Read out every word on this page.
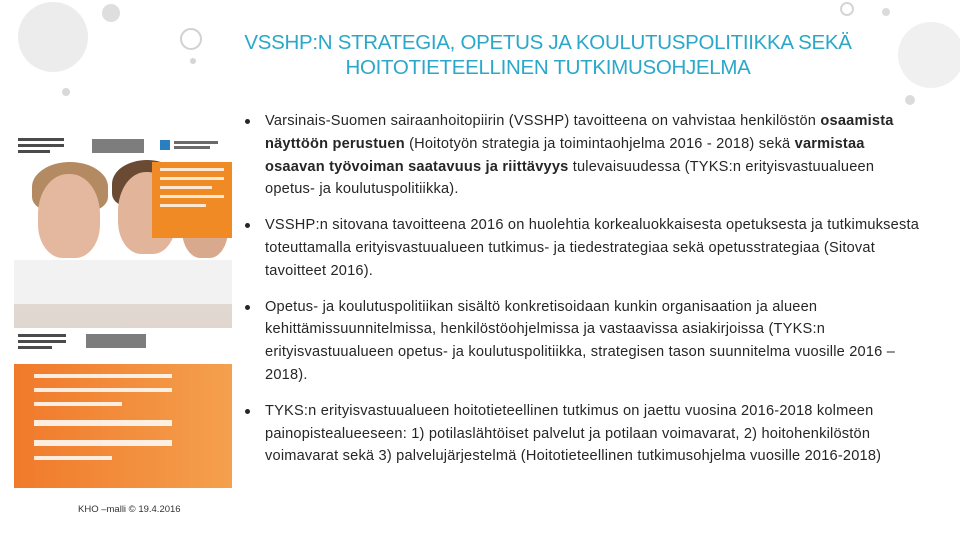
VSSHP:N STRATEGIA, OPETUS JA KOULUTUSPOLITIIKKA SEKÄ
HOITOTIETEELLINEN TUTKIMUSOHJELMA
Varsinais-Suomen sairaanhoitopiirin (VSSHP) tavoitteena on vahvistaa henkilöstön osaamista näyttöön perustuen (Hoitotyön strategia ja toimintaohjelma 2016 - 2018) sekä varmistaa osaavan työvoiman saatavuus ja riittävyys tulevaisuudessa (TYKS:n erityisvastuualueen opetus- ja koulutuspolitiikka).
VSSHP:n sitovana tavoitteena 2016 on huolehtia korkealuokkaisesta opetuksesta ja tutkimuksesta toteuttamalla erityisvastuualueen tutkimus- ja tiedestrategiaa sekä opetusstrategiaa (Sitovat tavoitteet 2016).
Opetus- ja koulutuspolitiikan sisältö konkretisoidaan kunkin organisaation ja alueen kehittämissuunnitelmissa, henkilöstöohjelmissa ja vastaavissa asiakirjoissa (TYKS:n erityisvastuualueen opetus- ja koulutuspolitiikka, strategisen tason suunnitelma vuosille 2016 – 2018).
TYKS:n erityisvastuualueen hoitotieteellinen tutkimus on jaettu vuosina 2016-2018 kolmeen painopistealueeseen: 1) potilaslähtöiset palvelut ja potilaan voimavarat, 2) hoitohenkilöstön voimavarat sekä 3) palvelujärjestelmä (Hoitotieteellinen tutkimusohjelma vuosille 2016-2018)
KHO –malli © 19.4.2016
